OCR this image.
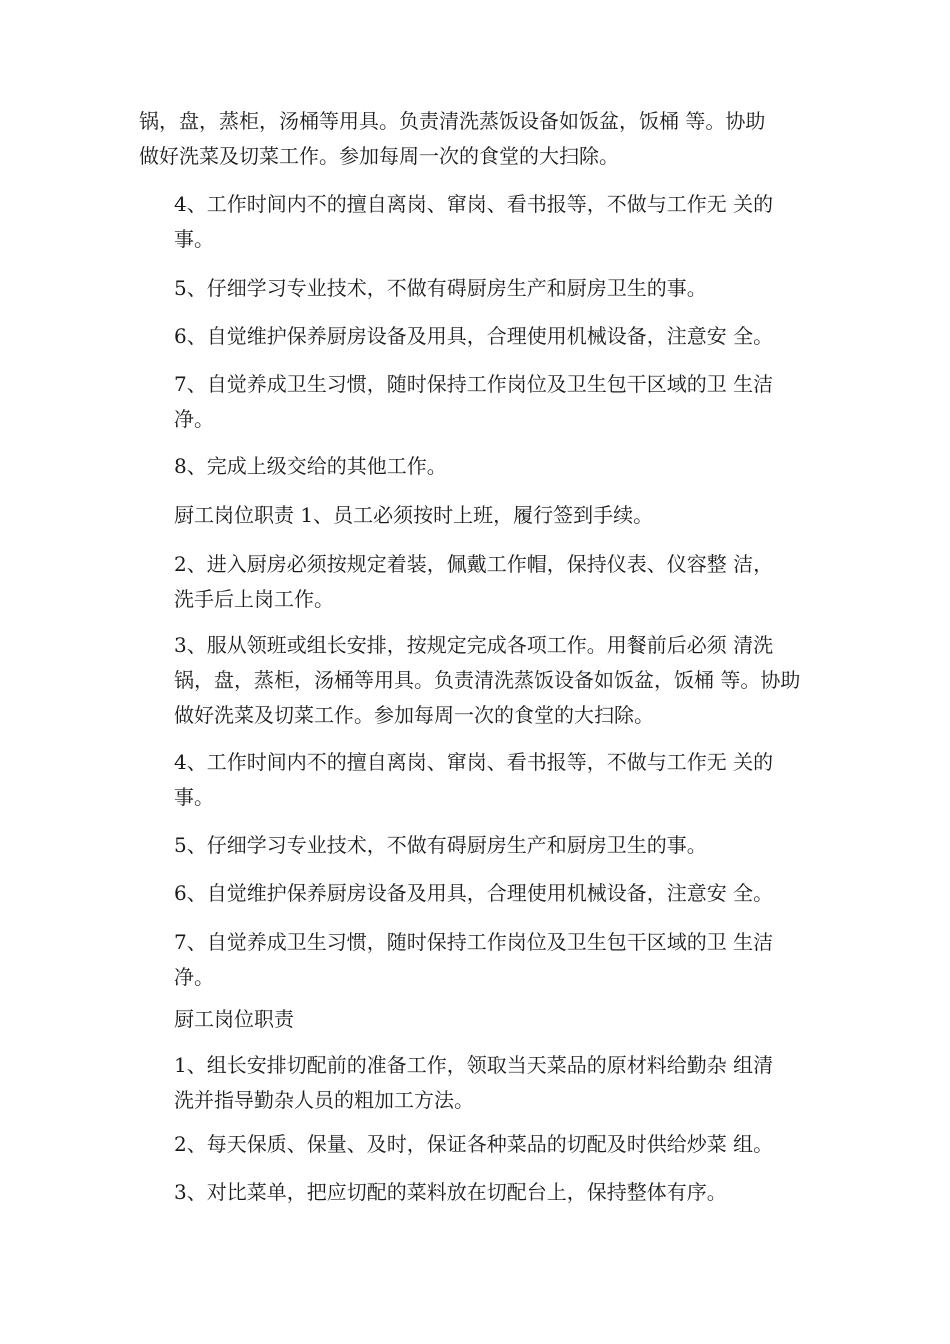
锅，盘，蒸柜，汤桶等用具。负责清洗蒸饭设备如饭盆，饭桶 等。协助
做好洗菜及切菜工作。参加每周一次的食堂的大扫除。
4、工作时间内不的擅自离岗、窜岗、看书报等，不做与工作无 关的
事。
5、仔细学习专业技术，不做有碍厨房生产和厨房卫生的事。
6、自觉维护保养厨房设备及用具，合理使用机械设备，注意安 全。
7、自觉养成卫生习惯，随时保持工作岗位及卫生包干区域的卫 生洁
净。
8、完成上级交给的其他工作。
厨工岗位职责 1、员工必须按时上班，履行签到手续。
2、进入厨房必须按规定着装，佩戴工作帽，保持仪表、仪容整 洁，
洗手后上岗工作。
3、服从领班或组长安排，按规定完成各项工作。用餐前后必须 清洗
锅，盘，蒸柜，汤桶等用具。负责清洗蒸饭设备如饭盆，饭桶 等。协助
做好洗菜及切菜工作。参加每周一次的食堂的大扫除。
4、工作时间内不的擅自离岗、窜岗、看书报等，不做与工作无 关的
事。
5、仔细学习专业技术，不做有碍厨房生产和厨房卫生的事。
6、自觉维护保养厨房设备及用具，合理使用机械设备，注意安 全。
7、自觉养成卫生习惯，随时保持工作岗位及卫生包干区域的卫 生洁
净。
厨工岗位职责
1、组长安排切配前的准备工作，领取当天菜品的原材料给勤杂 组清
洗并指导勤杂人员的粗加工方法。
2、每天保质、保量、及时，保证各种菜品的切配及时供给炒菜 组。
3、对比菜单，把应切配的菜料放在切配台上，保持整体有序。
